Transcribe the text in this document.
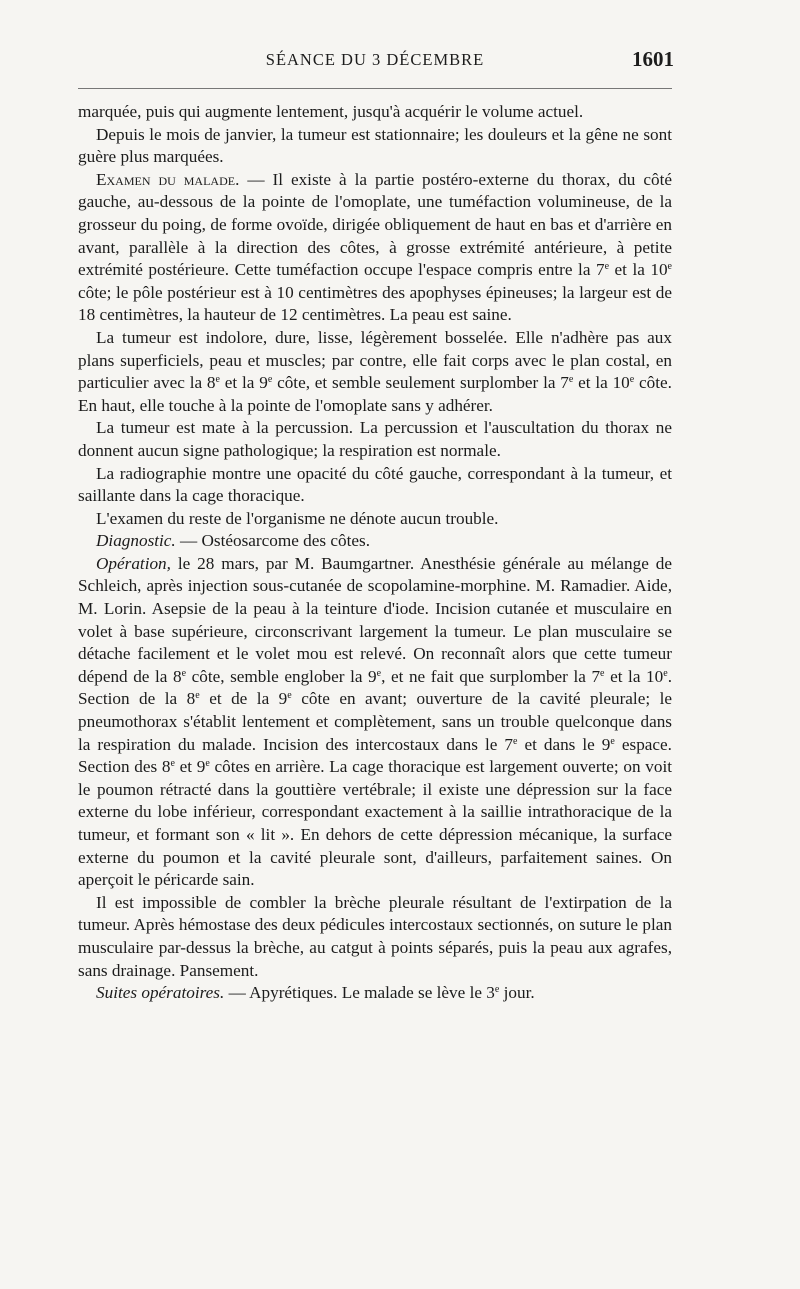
SÉANCE DU 3 DÉCEMBRE	1601

marquée, puis qui augmente lentement, jusqu'à acquérir le volume actuel.

Depuis le mois de janvier, la tumeur est stationnaire; les douleurs et la gêne ne sont guère plus marquées.

Examen du malade. — Il existe à la partie postéro-externe du thorax, du côté gauche, au-dessous de la pointe de l'omoplate, une tuméfaction volumineuse, de la grosseur du poing, de forme ovoïde, dirigée obliquement de haut en bas et d'arrière en avant, parallèle à la direction des côtes, à grosse extrémité antérieure, à petite extrémité postérieure. Cette tuméfaction occupe l'espace compris entre la 7e et la 10e côte; le pôle postérieur est à 10 centimètres des apophyses épineuses; la largeur est de 18 centimètres, la hauteur de 12 centimètres. La peau est saine.

La tumeur est indolore, dure, lisse, légèrement bosselée. Elle n'adhère pas aux plans superficiels, peau et muscles; par contre, elle fait corps avec le plan costal, en particulier avec la 8e et la 9e côte, et semble seulement surplomber la 7e et la 10e côte. En haut, elle touche à la pointe de l'omoplate sans y adhérer.

La tumeur est mate à la percussion. La percussion et l'auscultation du thorax ne donnent aucun signe pathologique; la respiration est normale.

La radiographie montre une opacité du côté gauche, correspondant à la tumeur, et saillante dans la cage thoracique.

L'examen du reste de l'organisme ne dénote aucun trouble.

Diagnostic. — Ostéosarcome des côtes.

Opération, le 28 mars, par M. Baumgartner. Anesthésie générale au mélange de Schleich, après injection sous-cutanée de scopolamine-morphine. M. Ramadier. Aide, M. Lorin. Asepsie de la peau à la teinture d'iode. Incision cutanée et musculaire en volet à base supérieure, circonscrivant largement la tumeur. Le plan musculaire se détache facilement et le volet mou est relevé. On reconnaît alors que cette tumeur dépend de la 8e côte, semble englober la 9e, et ne fait que surplomber la 7e et la 10e. Section de la 8e et de la 9e côte en avant; ouverture de la cavité pleurale; le pneumothorax s'établit lentement et complètement, sans un trouble quelconque dans la respiration du malade. Incision des intercostaux dans le 7e et dans le 9e espace. Section des 8e et 9e côtes en arrière. La cage thoracique est largement ouverte; on voit le poumon rétracté dans la gouttière vertébrale; il existe une dépression sur la face externe du lobe inférieur, correspondant exactement à la saillie intrathoracique de la tumeur, et formant son « lit ». En dehors de cette dépression mécanique, la surface externe du poumon et la cavité pleurale sont, d'ailleurs, parfaitement saines. On aperçoit le péricarde sain.

Il est impossible de combler la brèche pleurale résultant de l'extirpation de la tumeur. Après hémostase des deux pédicules intercostaux sectionnés, on suture le plan musculaire par-dessus la brèche, au catgut à points séparés, puis la peau aux agrafes, sans drainage. Pansement.

Suites opératoires. — Apyrétiques. Le malade se lève le 3e jour.
